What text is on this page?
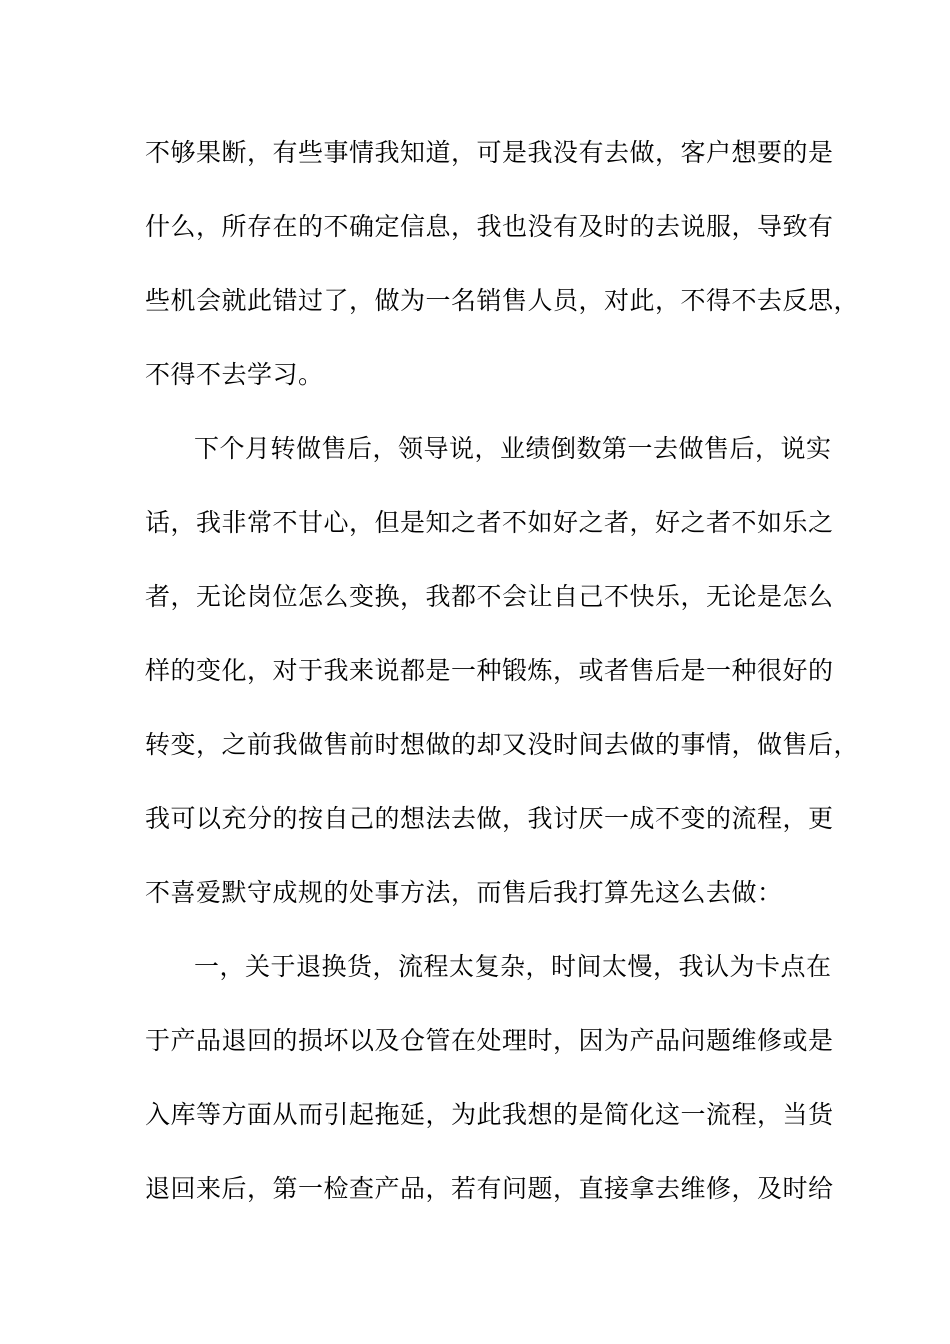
不够果断，有些事情我知道，可是我没有去做，客户想要的是
什么，所存在的不确定信息，我也没有及时的去说服，导致有
些机会就此错过了，做为一名销售人员，对此，不得不去反思，
不得不去学习。
下个月转做售后，领导说，业绩倒数第一去做售后，说实
话，我非常不甘心，但是知之者不如好之者，好之者不如乐之
者，无论岗位怎么变换，我都不会让自己不快乐，无论是怎么
样的变化，对于我来说都是一种锻炼，或者售后是一种很好的
转变，之前我做售前时想做的却又没时间去做的事情，做售后，
我可以充分的按自己的想法去做，我讨厌一成不变的流程，更
不喜爱默守成规的处事方法，而售后我打算先这么去做：
一，关于退换货，流程太复杂，时间太慢，我认为卡点在
于产品退回的损坏以及仓管在处理时，因为产品问题维修或是
入库等方面从而引起拖延，为此我想的是简化这一流程，当货
退回来后，第一检查产品，若有问题，直接拿去维修，及时给
